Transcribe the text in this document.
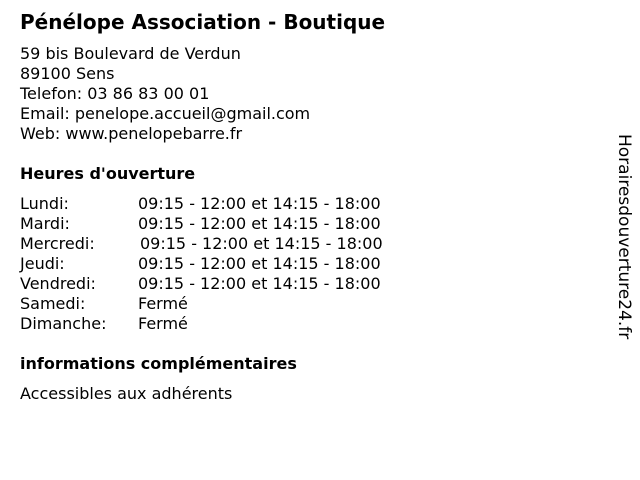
Pénélope Association - Boutique
59 bis Boulevard de Verdun
89100 Sens
Telefon: 03 86 83 00 01
Email: penelope.accueil@gmail.com
Web: www.penelopebarre.fr
Heures d'ouverture
Lundi:	09:15 - 12:00 et 14:15 - 18:00
Mardi:	09:15 - 12:00 et 14:15 - 18:00
Mercredi:	09:15 - 12:00 et 14:15 - 18:00
Jeudi:	09:15 - 12:00 et 14:15 - 18:00
Vendredi:	09:15 - 12:00 et 14:15 - 18:00
Samedi:	Fermé
Dimanche: Fermé
informations complémentaires
Accessibles aux adhérents
Horairesdouverture24.fr
